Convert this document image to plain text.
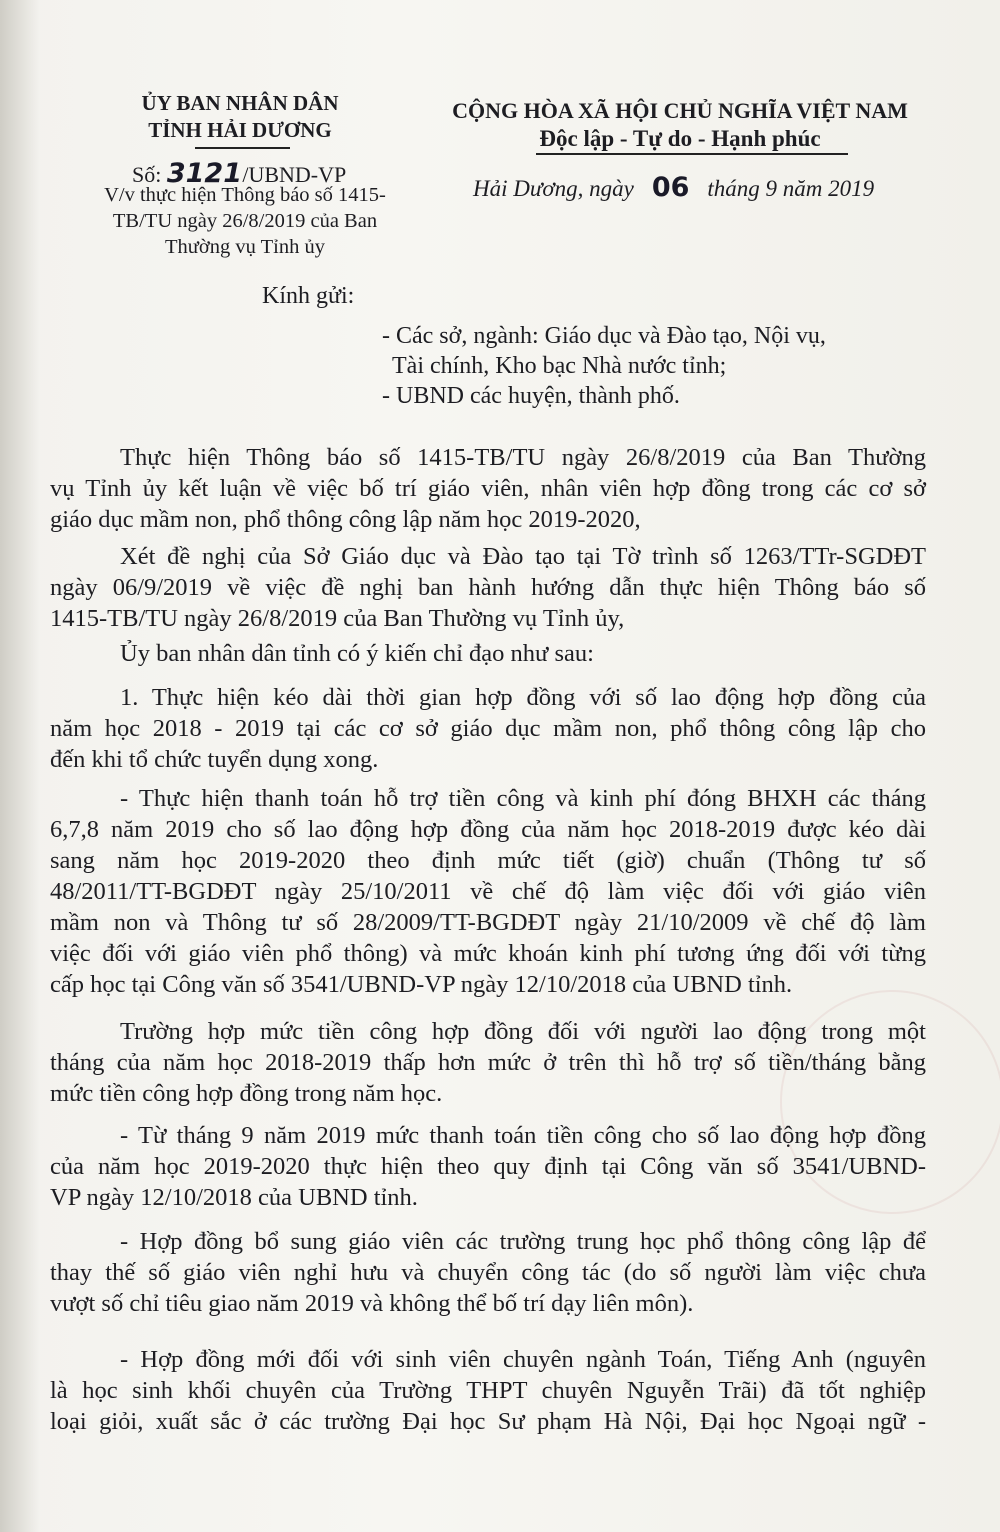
ỦY BAN NHÂN DÂN
TỈNH HẢI DƯƠNG
CỘNG HÒA XÃ HỘI CHỦ NGHĨA VIỆT NAM
Độc lập - Tự do - Hạnh phúc
Số: 3121 /UBND-VP
V/v thực hiện Thông báo số 1415-
TB/TU ngày 26/8/2019 của Ban
Thường vụ Tỉnh ủy
Hải Dương, ngày 06 tháng 9 năm 2019
Kính gửi:
- Các sở, ngành: Giáo dục và Đào tạo, Nội vụ,
Tài chính, Kho bạc Nhà nước tỉnh;
- UBND các huyện, thành phố.
Thực hiện Thông báo số 1415-TB/TU ngày 26/8/2019 của Ban Thường
vụ Tỉnh ủy kết luận về việc bố trí giáo viên, nhân viên hợp đồng trong các cơ sở
giáo dục mầm non, phổ thông công lập năm học 2019-2020,
Xét đề nghị của Sở Giáo dục và Đào tạo tại Tờ trình số 1263/TTr-SGDĐT
ngày 06/9/2019 về việc đề nghị ban hành hướng dẫn thực hiện Thông báo số
1415-TB/TU ngày 26/8/2019 của Ban Thường vụ Tỉnh ủy,
Ủy ban nhân dân tỉnh có ý kiến chỉ đạo như sau:
1. Thực hiện kéo dài thời gian hợp đồng với số lao động hợp đồng của
năm học 2018 - 2019 tại các cơ sở giáo dục mầm non, phổ thông công lập cho
đến khi tổ chức tuyển dụng xong.
- Thực hiện thanh toán hỗ trợ tiền công và kinh phí đóng BHXH các tháng
6,7,8 năm 2019 cho số lao động hợp đồng của năm học 2018-2019 được kéo dài
sang năm học 2019-2020 theo định mức tiết (giờ) chuẩn (Thông tư số
48/2011/TT-BGDĐT ngày 25/10/2011 về chế độ làm việc đối với giáo viên
mầm non và Thông tư số 28/2009/TT-BGDĐT ngày 21/10/2009 về chế độ làm
việc đối với giáo viên phổ thông) và mức khoán kinh phí tương ứng đối với từng
cấp học tại Công văn số 3541/UBND-VP ngày 12/10/2018 của UBND tỉnh.
Trường hợp mức tiền công hợp đồng đối với người lao động trong một
tháng của năm học 2018-2019 thấp hơn mức ở trên thì hỗ trợ số tiền/tháng bằng
mức tiền công hợp đồng trong năm học.
- Từ tháng 9 năm 2019 mức thanh toán tiền công cho số lao động hợp đồng
của năm học 2019-2020 thực hiện theo quy định tại Công văn số 3541/UBND-
VP ngày 12/10/2018 của UBND tỉnh.
- Hợp đồng bổ sung giáo viên các trường trung học phổ thông công lập để
thay thế số giáo viên nghỉ hưu và chuyển công tác (do số người làm việc chưa
vượt số chỉ tiêu giao năm 2019 và không thể bố trí dạy liên môn).
- Hợp đồng mới đối với sinh viên chuyên ngành Toán, Tiếng Anh (nguyên
là học sinh khối chuyên của Trường THPT chuyên Nguyễn Trãi) đã tốt nghiệp
loại giỏi, xuất sắc ở các trường Đại học Sư phạm Hà Nội, Đại học Ngoại ngữ -
